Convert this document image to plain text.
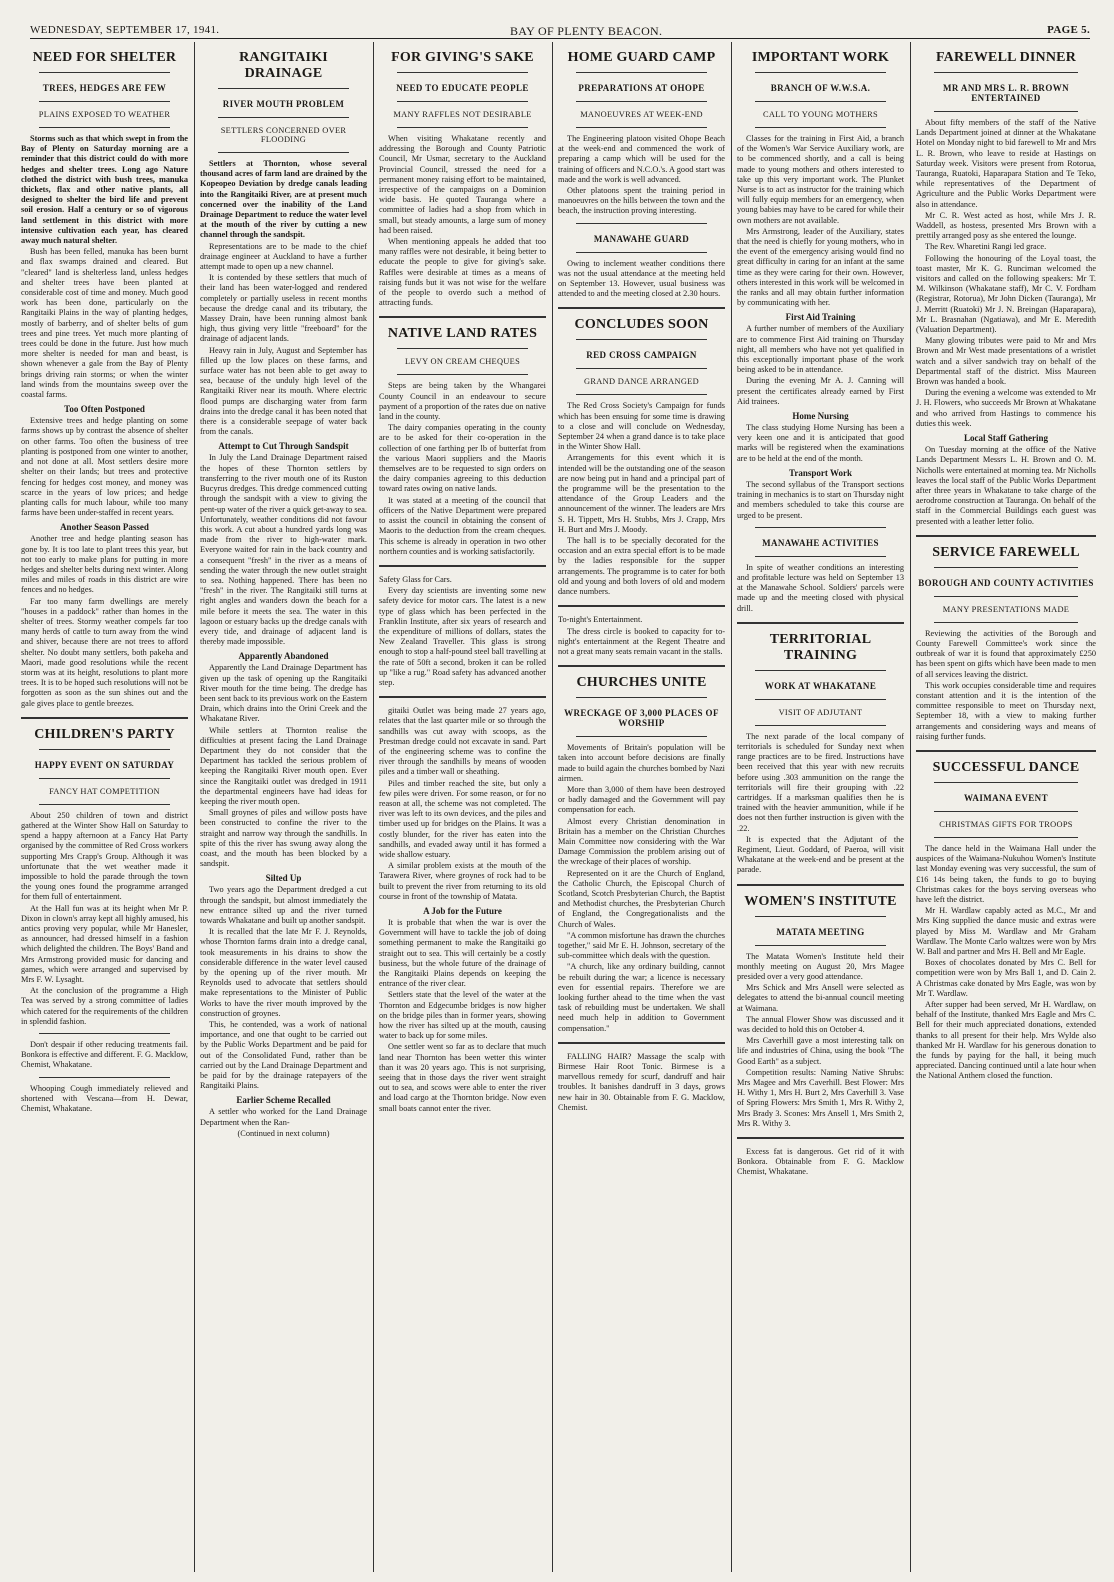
WEDNESDAY, SEPTEMBER 17, 1941.	BAY OF PLENTY BEACON.	PAGE 5.
NEED FOR SHELTER
TREES, HEDGES ARE FEW
PLAINS EXPOSED TO WEATHER

Storms such as that which swept in from the Bay of Plenty on Saturday morning are a reminder that this district could do with more hedges and shelter trees. Long ago Nature clothed the district with bush trees, manuka thickets, flax and other native plants, all designed to shelter the bird life and prevent soil erosion. Half a century or so of vigorous land settlement in this district with more intensive cultivation each year, has cleared away much natural shelter.

Bush has been felled, manuka has been burnt and flax swamps drained and cleared. But "cleared" land is shelterless land, unless hedges and shelter trees have been planted at considerable cost of time and money. Much good work has been done, particularly on the Rangitaiki Plains in the way of planting hedges, mostly of barberry, and of shelter belts of gum trees and pine trees. Yet much more planting of trees could be done in the future. Just how much more shelter is needed for man and beast, is shown whenever a gale from the Bay of Plenty brings driving rain storms; or when the winter land winds from the mountains sweep over the coastal farms.

Too Often Postponed

Extensive trees and hedge planting on some farms shows up by contrast the absence of shelter on other farms. Too often the business of tree planting is postponed from one winter to another, and not done at all. Most settlers desire more shelter on their lands; but trees and protective fencing for hedges cost money, and money was scarce in the years of low prices; and hedge planting calls for much labour, while too many farms have been under-staffed in recent years.

Another Season Passed

Another tree and hedge planting season has gone by. It is too late to plant trees this year, but not too early to make plans for putting in more hedges and shelter belts during next winter. Along miles and miles of roads in this district are wire fences and no hedges.

Far too many farm dwellings are merely "houses in a paddock" rather than homes in the shelter of trees. Stormy weather compels far too many herds of cattle to turn away from the wind and shiver, because there are not trees to afford shelter. No doubt many settlers, both pakeha and Maori, made good resolutions while the recent storm was at its height, resolutions to plant more trees. It is to be hoped such resolutions will not be forgotten as soon as the sun shines out and the gale gives place to gentle breezes.

CHILDREN'S PARTY
HAPPY EVENT ON SATURDAY
FANCY HAT COMPETITION

About 250 children of town and district gathered at the Winter Show Hall on Saturday to spend a happy afternoon at a Fancy Hat Party organised by the committee of Red Cross workers supporting Mrs Crapp's Group. Although it was unfortunate that the wet weather made it impossible to hold the parade through the town the young ones found the programme arranged for them full of entertainment.

At the Hall fun was at its height when Mr P. Dixon in clown's array kept all highly amused, his antics proving very popular, while Mr Hanesler, as announcer, had dressed himself in a fashion which delighted the children. The Boys' Band and Mrs Armstrong provided music for dancing and games, which were arranged and supervised by Mrs F. W. Lysaght.

At the conclusion of the programme a High Tea was served by a strong committee of ladies which catered for the requirements of the children in splendid fashion.

Don't despair if other reducing treatments fail. Bonkora is effective and different. F. G. Macklow, Chemist, Whakatane.

Whooping Cough immediately relieved and shortened with Vescana—from H. Dewar, Chemist, Whakatane.

RANGITAIKI DRAINAGE
RIVER MOUTH PROBLEM
SETTLERS CONCERNED OVER FLOODING

Settlers at Thornton, whose several thousand acres of farm land are drained by the Kopeopeo Deviation by dredge canals leading into the Rangitaiki River, are at present much concerned over the inability of the Land Drainage Department to reduce the water level at the mouth of the river by cutting a new channel through the sandspit.

Representations are to be made to the chief drainage engineer at Auckland to have a further attempt made to open up a new channel.

It is contended by these settlers that much of their land has been water-logged and rendered completely or partially useless in recent months because the dredge canal and its tributary, the Massey Drain, have been running almost bank high, thus giving very little "freeboard" for the drainage of adjacent lands.

Heavy rain in July, August and September has filled up the low places on these farms, and surface water has not been able to get away to sea, because of the unduly high level of the Rangitaiki River near its mouth. Where electric flood pumps are discharging water from farm drains into the dredge canal it has been noted that there is a considerable seepage of water back from the canals.

Attempt to Cut Through Sandspit

In July the Land Drainage Department raised the hopes of these Thornton settlers by transferring to the river mouth one of its Ruston Bucyrus dredges. This dredge commenced cutting through the sandspit with a view to giving the pent-up water of the river a quick get-away to sea. Unfortunately, weather conditions did not favour this work. A cut about a hundred yards long was made from the river to high-water mark. Everyone waited for rain in the back country and a consequent "fresh" in the river as a means of sending the water through the new outlet straight to sea. Nothing happened. There has been no "fresh" in the river. The Rangitaiki still turns at right angles and wanders down the beach for a mile before it meets the sea. The water in this lagoon or estuary backs up the dredge canals with every tide, and drainage of adjacent land is thereby made impossible.

Apparently Abandoned

Apparently the Land Drainage Department has given up the task of opening up the Rangitaiki River mouth for the time being. The dredge has been sent back to its previous work on the Eastern Drain, which drains into the Orini Creek and the Whakatane River.

While settlers at Thornton realise the difficulties at present facing the Land Drainage Department they do not consider that the Department has tackled the serious problem of keeping the Rangitaiki River mouth open. Ever since the Rangitaiki outlet was dredged in 1911 the departmental engineers have had ideas for keeping the river mouth open.

Small groynes of piles and willow posts have been constructed to confine the river to the straight and narrow way through the sandhills. In spite of this the river has swung away along the coast, and the mouth has been blocked by a sandspit.

Silted Up

Two years ago the Department dredged a cut through the sandspit, but almost immediately the new entrance silted up and the river turned towards Whakatane and built up another sandspit.

It is recalled that the late Mr F. J. Reynolds, whose Thornton farms drain into a dredge canal, took measurements in his drains to show the considerable difference in the water level caused by the opening up of the river mouth. Mr Reynolds used to advocate that settlers should make representations to the Minister of Public Works to have the river mouth improved by the construction of groynes.

This, he contended, was a work of national importance, and one that ought to be carried out by the Public Works Department and be paid for out of the Consolidated Fund, rather than be carried out by the Land Drainage Department and be paid for by the drainage ratepayers of the Rangitaiki Plains.

Earlier Scheme Recalled

A settler who worked for the Land Drainage Department when the Ran-

(Continued in next column)

FOR GIVING'S SAKE
NEED TO EDUCATE PEOPLE
MANY RAFFLES NOT DESIRABLE

When visiting Whakatane recently and addressing the Borough and County Patriotic Council, Mr Usmar, secretary to the Auckland Provincial Council, stressed the need for a permanent money raising effort to be maintained, irrespective of the campaigns on a Dominion wide basis. He quoted Tauranga where a committee of ladies had a shop from which in small, but steady amounts, a large sum of money had been raised.

When mentioning appeals he added that too many raffles were not desirable, it being better to educate the people to give for giving's sake. Raffles were desirable at times as a means of raising funds but it was not wise for the welfare of the people to overdo such a method of attracting funds.

NATIVE LAND RATES
LEVY ON CREAM CHEQUES

Steps are being taken by the Whangarei County Council in an endeavour to secure payment of a proportion of the rates due on native land in the county.

The dairy companies operating in the county are to be asked for their co-operation in the collection of one farthing per lb of butterfat from the various Maori suppliers and the Maoris themselves are to be requested to sign orders on the dairy companies agreeing to this deduction toward rates owing on native lands.

It was stated at a meeting of the council that officers of the Native Department were prepared to assist the council in obtaining the consent of Maoris to the deduction from the cream cheques. This scheme is already in operation in two other northern counties and is working satisfactorily.

Safety Glass for Cars.

Every day scientists are inventing some new safety device for motor cars. The latest is a new type of glass which has been perfected in the Franklin Institute, after six years of research and the expenditure of millions of dollars, states the New Zealand Traveller. This glass is strong enough to stop a half-pound steel ball travelling at the rate of 50ft a second, broken it can be rolled up "like a rug." Road safety has advanced another step.

gitaiki Outlet was being made 27 years ago, relates that the last quarter mile or so through the sandhills was cut away with scoops, as the Prestman dredge could not excavate in sand. Part of the engineering scheme was to confine the river through the sandhills by means of wooden piles and a timber wall or sheathing.

Piles and timber reached the site, but only a few piles were driven. For some reason, or for no reason at all, the scheme was not completed. The river was left to its own devices, and the piles and timber used up for bridges on the Plains. It was a costly blunder, for the river has eaten into the sandhills, and evaded away until it has formed a wide shallow estuary.

A similar problem exists at the mouth of the Tarawera River, where groynes of rock had to be built to prevent the river from returning to its old course in front of the township of Matata.

A Job for the Future

It is probable that when the war is over the Government will have to tackle the job of doing something permanent to make the Rangitaiki go straight out to sea. This will certainly be a costly business, but the whole future of the drainage of the Rangitaiki Plains depends on keeping the entrance of the river clear.

Settlers state that the level of the water at the Thornton and Edgecumbe bridges is now higher on the bridge piles than in former years, showing how the river has silted up at the mouth, causing water to back up for some miles.

One settler went so far as to declare that much land near Thornton has been wetter this winter than it was 20 years ago. This is not surprising, seeing that in those days the river went straight out to sea, and scows were able to enter the river and load cargo at the Thornton bridge. Now even small boats cannot enter the river.

HOME GUARD CAMP
PREPARATIONS AT OHOPE
MANOEUVRES AT WEEK-END

The Engineering platoon visited Ohope Beach at the week-end and commenced the work of preparing a camp which will be used for the training of officers and N.C.O.'s. A good start was made and the work is well advanced.

Other platoons spent the training period in manoeuvres on the hills between the town and the beach, the instruction proving interesting.

MANAWAHE GUARD

Owing to inclement weather conditions there was not the usual attendance at the meeting held on September 13. However, usual business was attended to and the meeting closed at 2.30 hours.

CONCLUDES SOON
RED CROSS CAMPAIGN
GRAND DANCE ARRANGED

The Red Cross Society's Campaign for funds which has been ensuing for some time is drawing to a close and will conclude on Wednesday, September 24 when a grand dance is to take place in the Winter Show Hall.

Arrangements for this event which it is intended will be the outstanding one of the season are now being put in hand and a principal part of the programme will be the presentation to the attendance of the Group Leaders and the announcement of the winner. The leaders are Mrs S. H. Tippett, Mrs H. Stubbs, Mrs J. Crapp, Mrs H. Burt and Mrs J. Moody.

The hall is to be specially decorated for the occasion and an extra special effort is to be made by the ladies responsible for the supper arrangements. The programme is to cater for both old and young and both lovers of old and modern dance numbers.

To-night's Entertainment.

The dress circle is booked to capacity for to-night's entertainment at the Regent Theatre and not a great many seats remain vacant in the stalls.

CHURCHES UNITE
WRECKAGE OF 3,000 PLACES OF WORSHIP

Movements of Britain's population will be taken into account before decisions are finally made to build again the churches bombed by Nazi airmen.

More than 3,000 of them have been destroyed or badly damaged and the Government will pay compensation for each.

Almost every Christian denomination in Britain has a member on the Christian Churches Main Committee now considering with the War Damage Commission the problem arising out of the wreckage of their places of worship.

Represented on it are the Church of England, the Catholic Church, the Episcopal Church of Scotland, Scotch Presbyterian Church, the Baptist and Methodist churches, the Presbyterian Church of England, the Congregationalists and the Church of Wales.

"A common misfortune has drawn the churches together," said Mr E. H. Johnson, secretary of the sub-committee which deals with the question.

"A church, like any ordinary building, cannot be rebuilt during the war; a licence is necessary even for essential repairs. Therefore we are looking further ahead to the time when the vast task of rebuilding must be undertaken. We shall need much help in addition to Government compensation."

FALLING HAIR? Massage the scalp with Birmese Hair Root Tonic. Birmese is a marvellous remedy for scurf, dandruff and hair troubles. It banishes dandruff in 3 days, grows new hair in 30. Obtainable from F. G. Macklow, Chemist.

IMPORTANT WORK
BRANCH OF W.W.S.A.
CALL TO YOUNG MOTHERS

Classes for the training in First Aid, a branch of the Women's War Service Auxiliary work, are to be commenced shortly, and a call is being made to young mothers and others interested to take up this very important work. The Plunket Nurse is to act as instructor for the training which will fully equip members for an emergency, when young babies may have to be cared for while their own mothers are not available.

Mrs Armstrong, leader of the Auxiliary, states that the need is chiefly for young mothers, who in the event of the emergency arising would find no great difficulty in caring for an infant at the same time as they were caring for their own. However, others interested in this work will be welcomed in the ranks and all may obtain further information by communicating with her.

First Aid Training

A further number of members of the Auxiliary are to commence First Aid training on Thursday night, all members who have not yet qualified in this exceptionally important phase of the work being asked to be in attendance.

During the evening Mr A. J. Canning will present the certificates already earned by First Aid trainees.

Home Nursing

The class studying Home Nursing has been a very keen one and it is anticipated that good marks will be registered when the examinations are to be held at the end of the month.

Transport Work

The second syllabus of the Transport sections training in mechanics is to start on Thursday night and members scheduled to take this course are urged to be present.

MANAWAHE ACTIVITIES

In spite of weather conditions an interesting and profitable lecture was held on September 13 at the Manawahe School. Soldiers' parcels were made up and the meeting closed with physical drill.

TERRITORIAL TRAINING
WORK AT WHAKATANE
VISIT OF ADJUTANT

The next parade of the local company of territorials is scheduled for Sunday next when range practices are to be fired. Instructions have been received that this year with new recruits before using .303 ammunition on the range the territorials will fire their grouping with .22 cartridges. If a marksman qualifies then he is trained with the heavier ammunition, while if he does not then further instruction is given with the .22.

It is expected that the Adjutant of the Regiment, Lieut. Goddard, of Paeroa, will visit Whakatane at the week-end and be present at the parade.

WOMEN'S INSTITUTE
MATATA MEETING

The Matata Women's Institute held their monthly meeting on August 20, Mrs Magee presided over a very good attendance.

Mrs Schick and Mrs Ansell were selected as delegates to attend the bi-annual council meeting at Waimana.

The annual Flower Show was discussed and it was decided to hold this on October 4.

Mrs Caverhill gave a most interesting talk on life and industries of China, using the book "The Good Earth" as a subject.

Competition results: Naming Native Shrubs: Mrs Magee and Mrs Caverhill. Best Flower: Mrs H. Withy 1, Mrs H. Burt 2, Mrs Caverhill 3. Vase of Spring Flowers: Mrs Smith 1, Mrs R. Withy 2, Mrs Brady 3. Scones: Mrs Ansell 1, Mrs Smith 2, Mrs R. Withy 3.

Excess fat is dangerous. Get rid of it with Bonkora. Obtainable from F. G. Macklow Chemist, Whakatane.

FAREWELL DINNER
MR AND MRS L. R. BROWN ENTERTAINED

About fifty members of the staff of the Native Lands Department joined at dinner at the Whakatane Hotel on Monday night to bid farewell to Mr and Mrs L. R. Brown, who leave to reside at Hastings on Saturday week. Visitors were present from Rotorua, Tauranga, Ruatoki, Haparapara Station and Te Teko, while representatives of the Department of Agriculture and the Public Works Department were also in attendance.

Mr C. R. West acted as host, while Mrs J. R. Waddell, as hostess, presented Mrs Brown with a prettily arranged posy as she entered the lounge.

The Rev. Wharetini Rangi led grace.

Following the honouring of the Loyal toast, the toast master, Mr K. G. Runciman welcomed the visitors and called on the following speakers: Mr T. M. Wilkinson (Whakatane staff), Mr C. V. Fordham (Registrar, Rotorua), Mr John Dicken (Tauranga), Mr J. Merritt (Ruatoki) Mr J. N. Breingan (Haparapara), Mr L. Brasnahan (Ngatiawa), and Mr E. Meredith (Valuation Department).

Many glowing tributes were paid to Mr and Mrs Brown and Mr West made presentations of a wristlet watch and a silver sandwich tray on behalf of the Departmental staff of the district. Miss Maureen Brown was handed a book.

During the evening a welcome was extended to Mr J. H. Flowers, who succeeds Mr Brown at Whakatane and who arrived from Hastings to commence his duties this week.

Local Staff Gathering

On Tuesday morning at the office of the Native Lands Department Messrs L. H. Brown and O. M. Nicholls were entertained at morning tea. Mr Nicholls leaves the local staff of the Public Works Department after three years in Whakatane to take charge of the aerodrome construction at Tauranga. On behalf of the staff in the Commercial Buildings each guest was presented with a leather letter folio.

SERVICE FAREWELL
BOROUGH AND COUNTY ACTIVITIES
MANY PRESENTATIONS MADE

Reviewing the activities of the Borough and County Farewell Committee's work since the outbreak of war it is found that approximately £250 has been spent on gifts which have been made to men of all services leaving the district.

This work occupies considerable time and requires constant attention and it is the intention of the committee responsible to meet on Thursday next, September 18, with a view to making further arrangements and considering ways and means of raising further funds.

SUCCESSFUL DANCE
WAIMANA EVENT
CHRISTMAS GIFTS FOR TROOPS

The dance held in the Waimana Hall under the auspices of the Waimana-Nukuhou Women's Institute last Monday evening was very successful, the sum of £16 14s being taken, the funds to go to buying Christmas cakes for the boys serving overseas who have left the district.

Mr H. Wardlaw capably acted as M.C., Mr and Mrs King supplied the dance music and extras were played by Miss M. Wardlaw and Mr Graham Wardlaw. The Monte Carlo waltzes were won by Mrs W. Ball and partner and Mrs H. Bell and Mr Eagle.

Boxes of chocolates donated by Mrs C. Bell for competition were won by Mrs Ball 1, and D. Cain 2. A Christmas cake donated by Mrs Eagle, was won by Mr T. Wardlaw.

After supper had been served, Mr H. Wardlaw, on behalf of the Institute, thanked Mrs Eagle and Mrs C. Bell for their much appreciated donations, extended thanks to all present for their help. Mrs Wylde also thanked Mr H. Wardlaw for his generous donation to the funds by paying for the hall, it being much appreciated. Dancing continued until a late hour when the National Anthem closed the function.
